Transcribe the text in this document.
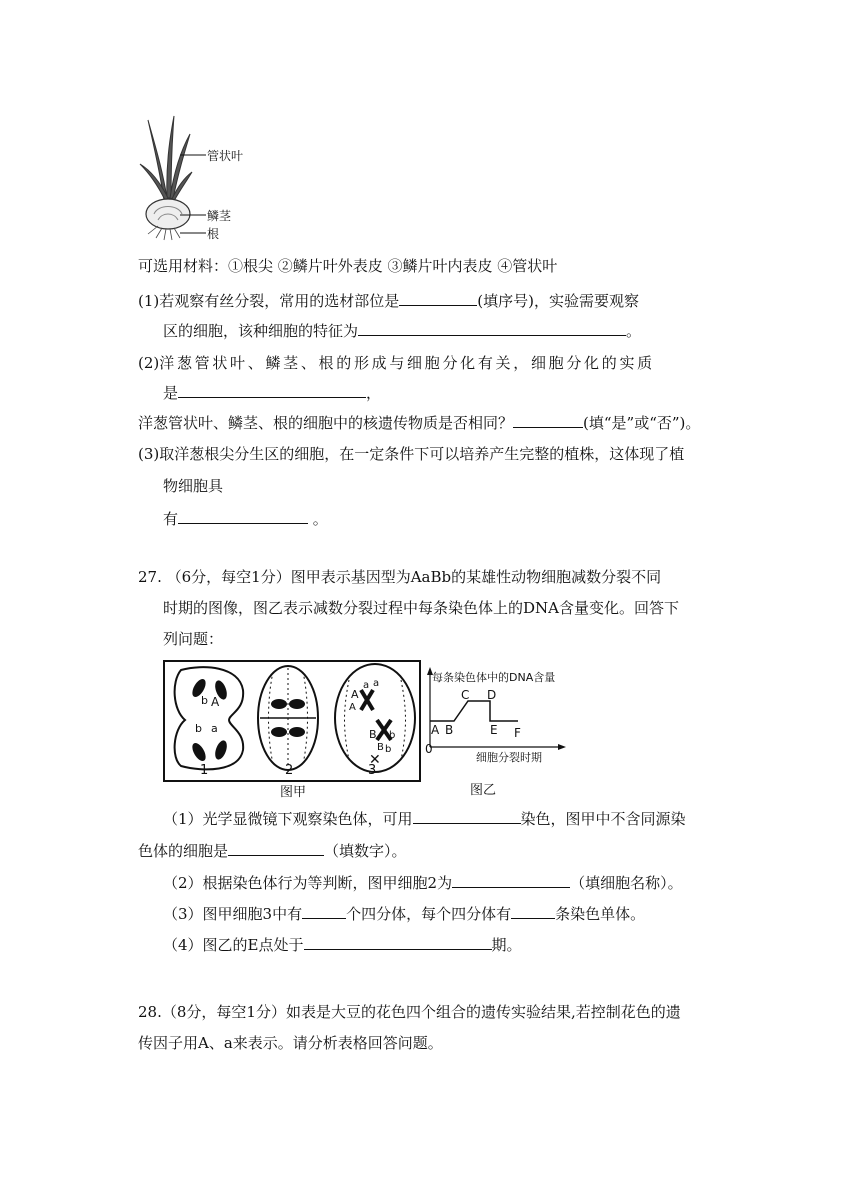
管状叶
鳞茎
根
可选用材料：①根尖 ②鳞片叶外表皮 ③鳞片叶内表皮 ④管状叶
(1)若观察有丝分裂，常用的选材部位是	(填序号)，实验需要观察
区的细胞，该种细胞的特征为	。
(2)洋葱管状叶、鳞茎、根的形成与细胞分化有关，细胞分化的实质
是	，
洋葱管状叶、鳞茎、根的细胞中的核遗传物质是否相同？	(填“是”或“否”)。
(3)取洋葱根尖分生区的细胞，在一定条件下可以培养产生完整的植株，这体现了植
物细胞具
有	。
27. （6分，每空1分）图甲表示基因型为AaBb的某雄性动物细胞减数分裂不同
时期的图像，图乙表示减数分裂过程中每条染色体上的DNA含量变化。回答下
列问题：
b A
b a
A
a a
A
B b
B b
✕
1	2	3
图甲
每条染色体中的DNA含量
A B
C D
E F
0
细胞分裂时期
图乙
（1）光学显微镜下观察染色体，可用	染色，图甲中不含同源染
色体的细胞是	（填数字）。
（2）根据染色体行为等判断，图甲细胞2为	（填细胞名称）。
（3）图甲细胞3中有	个四分体，每个四分体有	条染色单体。
（4）图乙的E点处于	期。
28.（8分，每空1分）如表是大豆的花色四个组合的遗传实验结果,若控制花色的遗
传因子用A、a来表示。请分析表格回答问题。
